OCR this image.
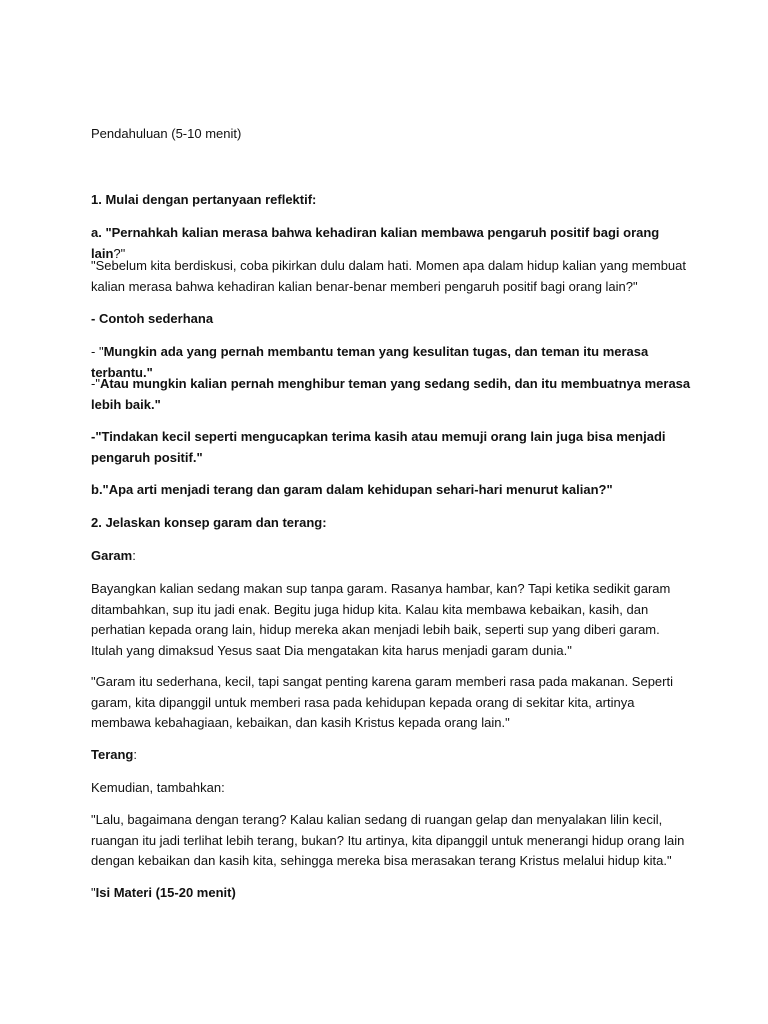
Pendahuluan (5-10 menit)

1. Mulai dengan pertanyaan reflektif:

a. "Pernahkah kalian merasa bahwa kehadiran kalian membawa pengaruh positif bagi orang lain?"

"Sebelum kita berdiskusi, coba pikirkan dulu dalam hati. Momen apa dalam hidup kalian yang membuat
kalian merasa bahwa kehadiran kalian benar-benar memberi pengaruh positif bagi orang lain?"

- Contoh sederhana

- "Mungkin ada yang pernah membantu teman yang kesulitan tugas, dan teman itu merasa terbantu."

-"Atau mungkin kalian pernah menghibur teman yang sedang sedih, dan itu membuatnya merasa
lebih baik."

-"Tindakan kecil seperti mengucapkan terima kasih atau memuji orang lain juga bisa menjadi
pengaruh positif."

b."Apa arti menjadi terang dan garam dalam kehidupan sehari-hari menurut kalian?"

2. Jelaskan konsep garam dan terang:

Garam:

Bayangkan kalian sedang makan sup tanpa garam. Rasanya hambar, kan? Tapi ketika sedikit garam
ditambahkan, sup itu jadi enak. Begitu juga hidup kita. Kalau kita membawa kebaikan, kasih, dan
perhatian kepada orang lain, hidup mereka akan menjadi lebih baik, seperti sup yang diberi garam.
Itulah yang dimaksud Yesus saat Dia mengatakan kita harus menjadi garam dunia."

"Garam itu sederhana, kecil, tapi sangat penting karena garam memberi rasa pada makanan. Seperti
garam, kita dipanggil untuk memberi rasa pada kehidupan kepada orang di sekitar kita, artinya
membawa kebahagiaan, kebaikan, dan kasih Kristus kepada orang lain."

Terang:

Kemudian, tambahkan:

"Lalu, bagaimana dengan terang? Kalau kalian sedang di ruangan gelap dan menyalakan lilin kecil,
ruangan itu jadi terlihat lebih terang, bukan? Itu artinya, kita dipanggil untuk menerangi hidup orang lain
dengan kebaikan dan kasih kita, sehingga mereka bisa merasakan terang Kristus melalui hidup kita."

"Isi Materi (15-20 menit)
